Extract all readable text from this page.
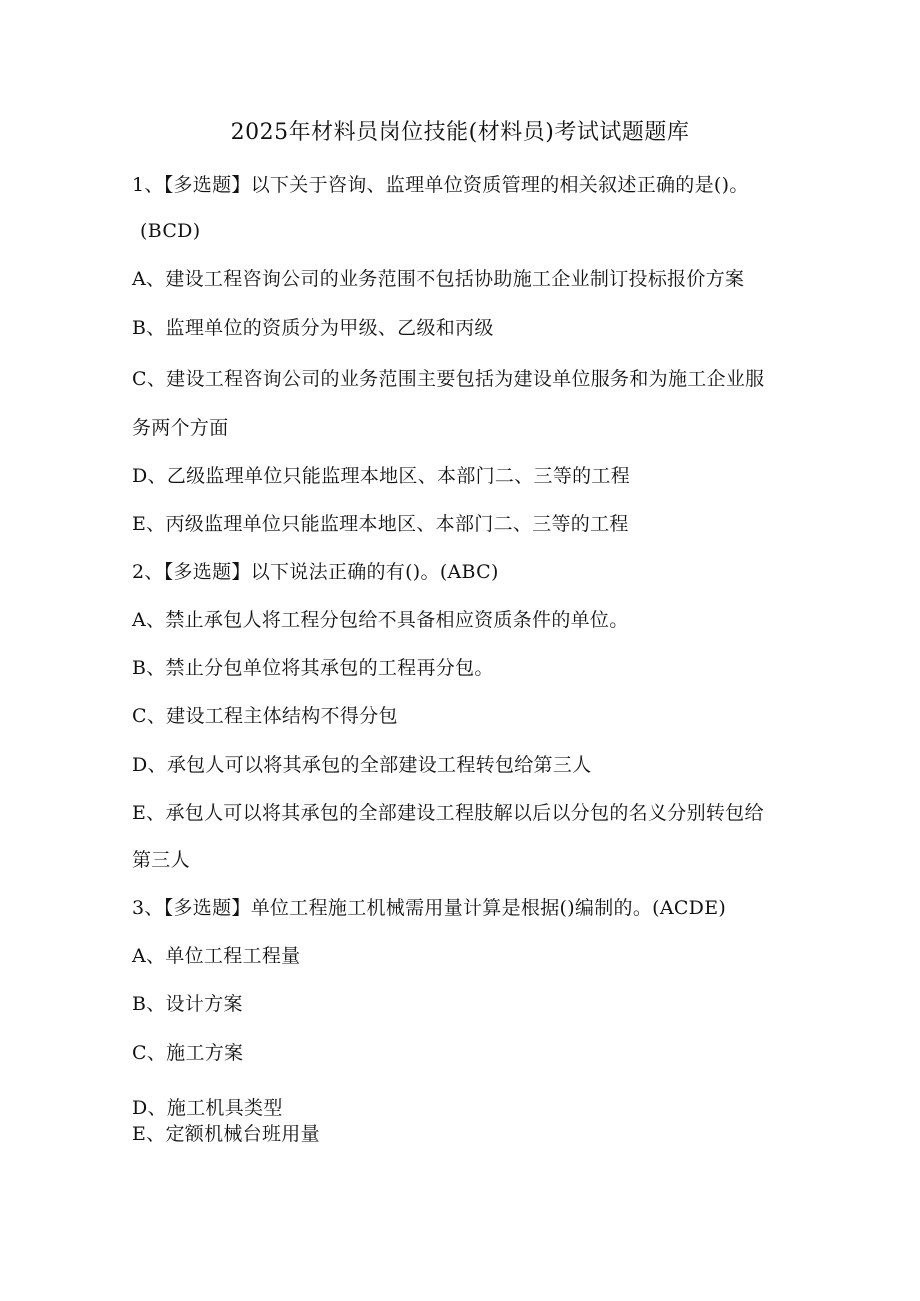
2025年材料员岗位技能(材料员)考试试题题库
1、【多选题】以下关于咨询、监理单位资质管理的相关叙述正确的是()。
(BCD)
A、建设工程咨询公司的业务范围不包括协助施工企业制订投标报价方案
B、监理单位的资质分为甲级、乙级和丙级
C、建设工程咨询公司的业务范围主要包括为建设单位服务和为施工企业服
务两个方面
D、乙级监理单位只能监理本地区、本部门二、三等的工程
E、丙级监理单位只能监理本地区、本部门二、三等的工程
2、【多选题】以下说法正确的有()。(ABC)
A、禁止承包人将工程分包给不具备相应资质条件的单位。
B、禁止分包单位将其承包的工程再分包。
C、建设工程主体结构不得分包
D、承包人可以将其承包的全部建设工程转包给第三人
E、承包人可以将其承包的全部建设工程肢解以后以分包的名义分别转包给
第三人
3、【多选题】单位工程施工机械需用量计算是根据()编制的。(ACDE)
A、单位工程工程量
B、设计方案
C、施工方案
D、施工机具类型
E、定额机械台班用量
